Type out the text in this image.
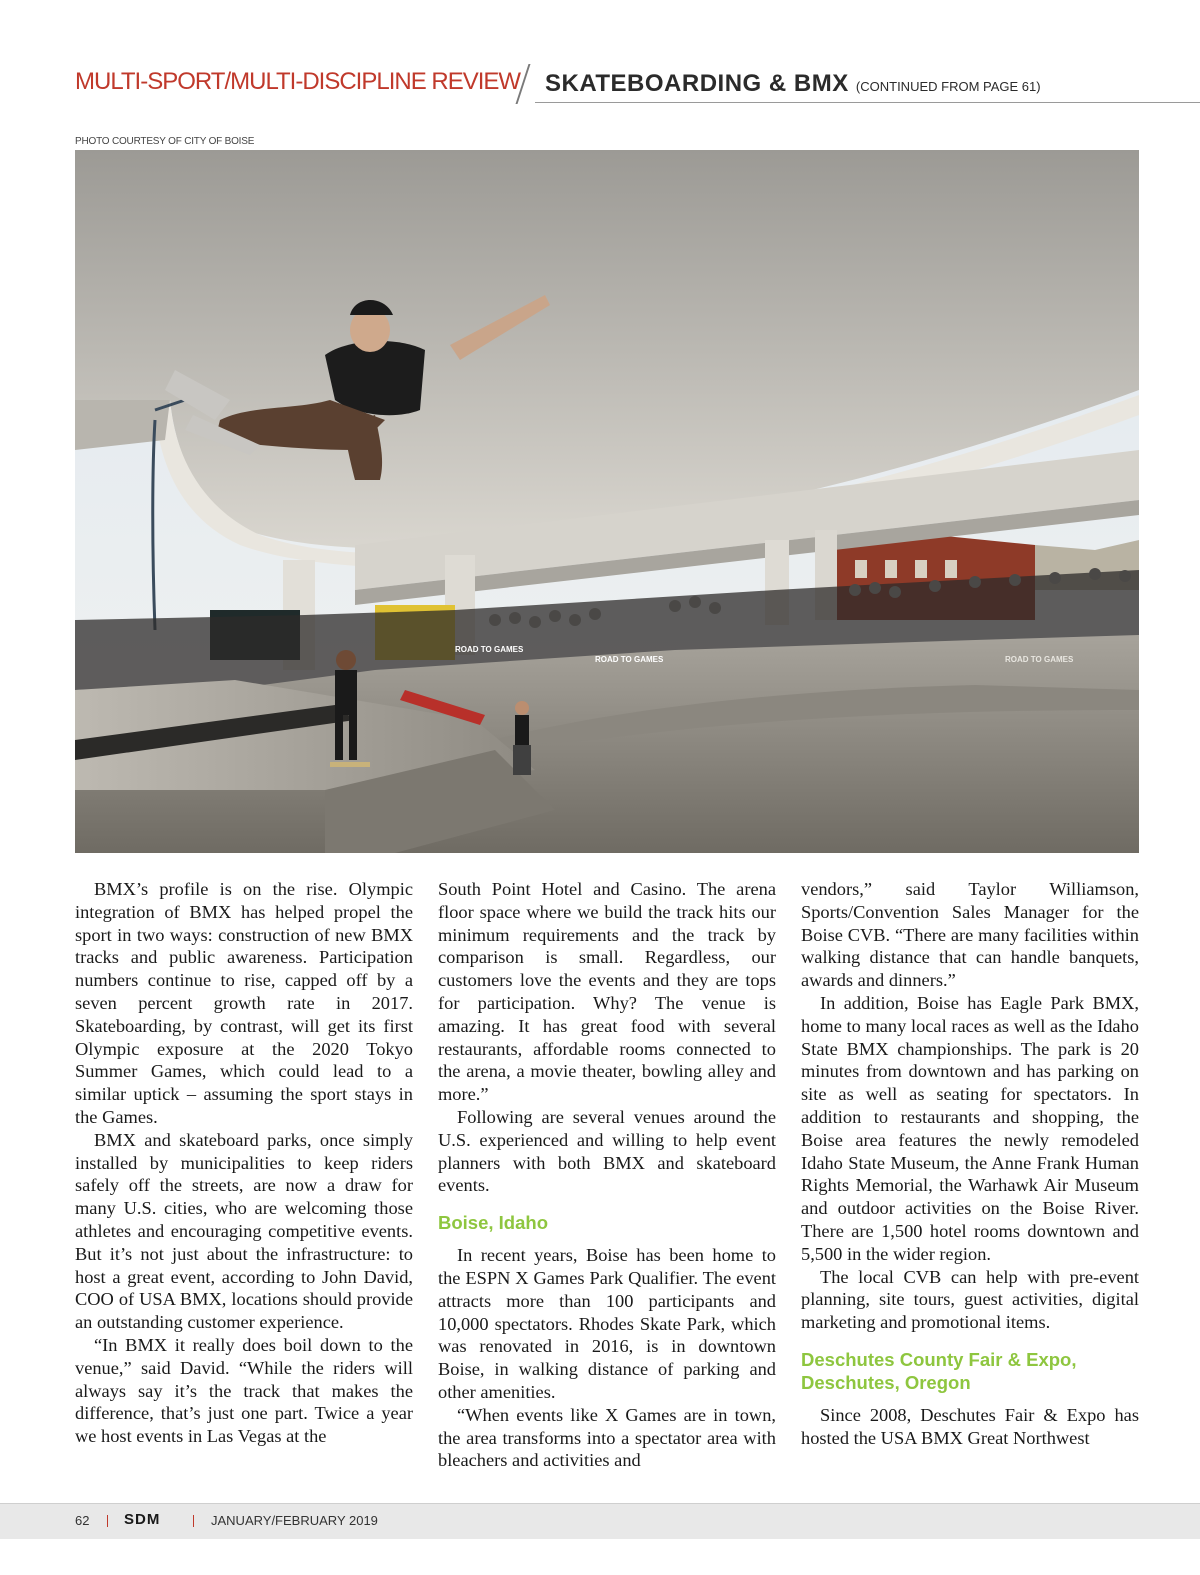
MULTI-SPORT/MULTI-DISCIPLINE REVIEW SKATEBOARDING & BMX (CONTINUED FROM PAGE 61)
PHOTO COURTESY OF CITY OF BOISE
ROAD TO GAMES
ROAD TO GAMES	ROAD TO GAMES

BMX’s profile is on the rise. Olympic integration of BMX has helped propel the sport in two ways: construction of new BMX tracks and public awareness. Participation numbers continue to rise, capped off by a seven percent growth rate in 2017. Skateboarding, by contrast, will get its first Olympic exposure at the 2020 Tokyo Summer Games, which could lead to a similar uptick – assuming the sport stays in the Games.

BMX and skateboard parks, once simply installed by municipalities to keep riders safely off the streets, are now a draw for many U.S. cities, who are welcoming those athletes and encouraging competitive events. But it’s not just about the infrastructure: to host a great event, according to John David, COO of USA BMX, locations should provide an outstanding customer experience.

“In BMX it really does boil down to the venue,” said David. “While the riders will always say it’s the track that makes the difference, that’s just one part. Twice a year we host events in Las Vegas at the

South Point Hotel and Casino. The arena floor space where we build the track hits our minimum requirements and the track by comparison is small. Regardless, our customers love the events and they are tops for participation. Why? The venue is amazing. It has great food with several restaurants, affordable rooms connected to the arena, a movie theater, bowling alley and more.”

Following are several venues around the U.S. experienced and willing to help event planners with both BMX and skateboard events.

Boise, Idaho

In recent years, Boise has been home to the ESPN X Games Park Qualifier. The event attracts more than 100 participants and 10,000 spectators. Rhodes Skate Park, which was renovated in 2016, is in downtown Boise, in walking distance of parking and other amenities.

“When events like X Games are in town, the area transforms into a spectator area with bleachers and activities and

vendors,” said Taylor Williamson, Sports/Convention Sales Manager for the Boise CVB. “There are many facilities within walking distance that can handle banquets, awards and dinners.”

In addition, Boise has Eagle Park BMX, home to many local races as well as the Idaho State BMX championships. The park is 20 minutes from downtown and has parking on site as well as seating for spectators. In addition to restaurants and shopping, the Boise area features the newly remodeled Idaho State Museum, the Anne Frank Human Rights Memorial, the Warhawk Air Museum and outdoor activities on the Boise River. There are 1,500 hotel rooms downtown and 5,500 in the wider region.

The local CVB can help with pre-event planning, site tours, guest activities, digital marketing and promotional items.

Deschutes County Fair & Expo, Deschutes, Oregon

Since 2008, Deschutes Fair & Expo has hosted the USA BMX Great Northwest

62 SDM	JANUARY/FEBRUARY 2019
